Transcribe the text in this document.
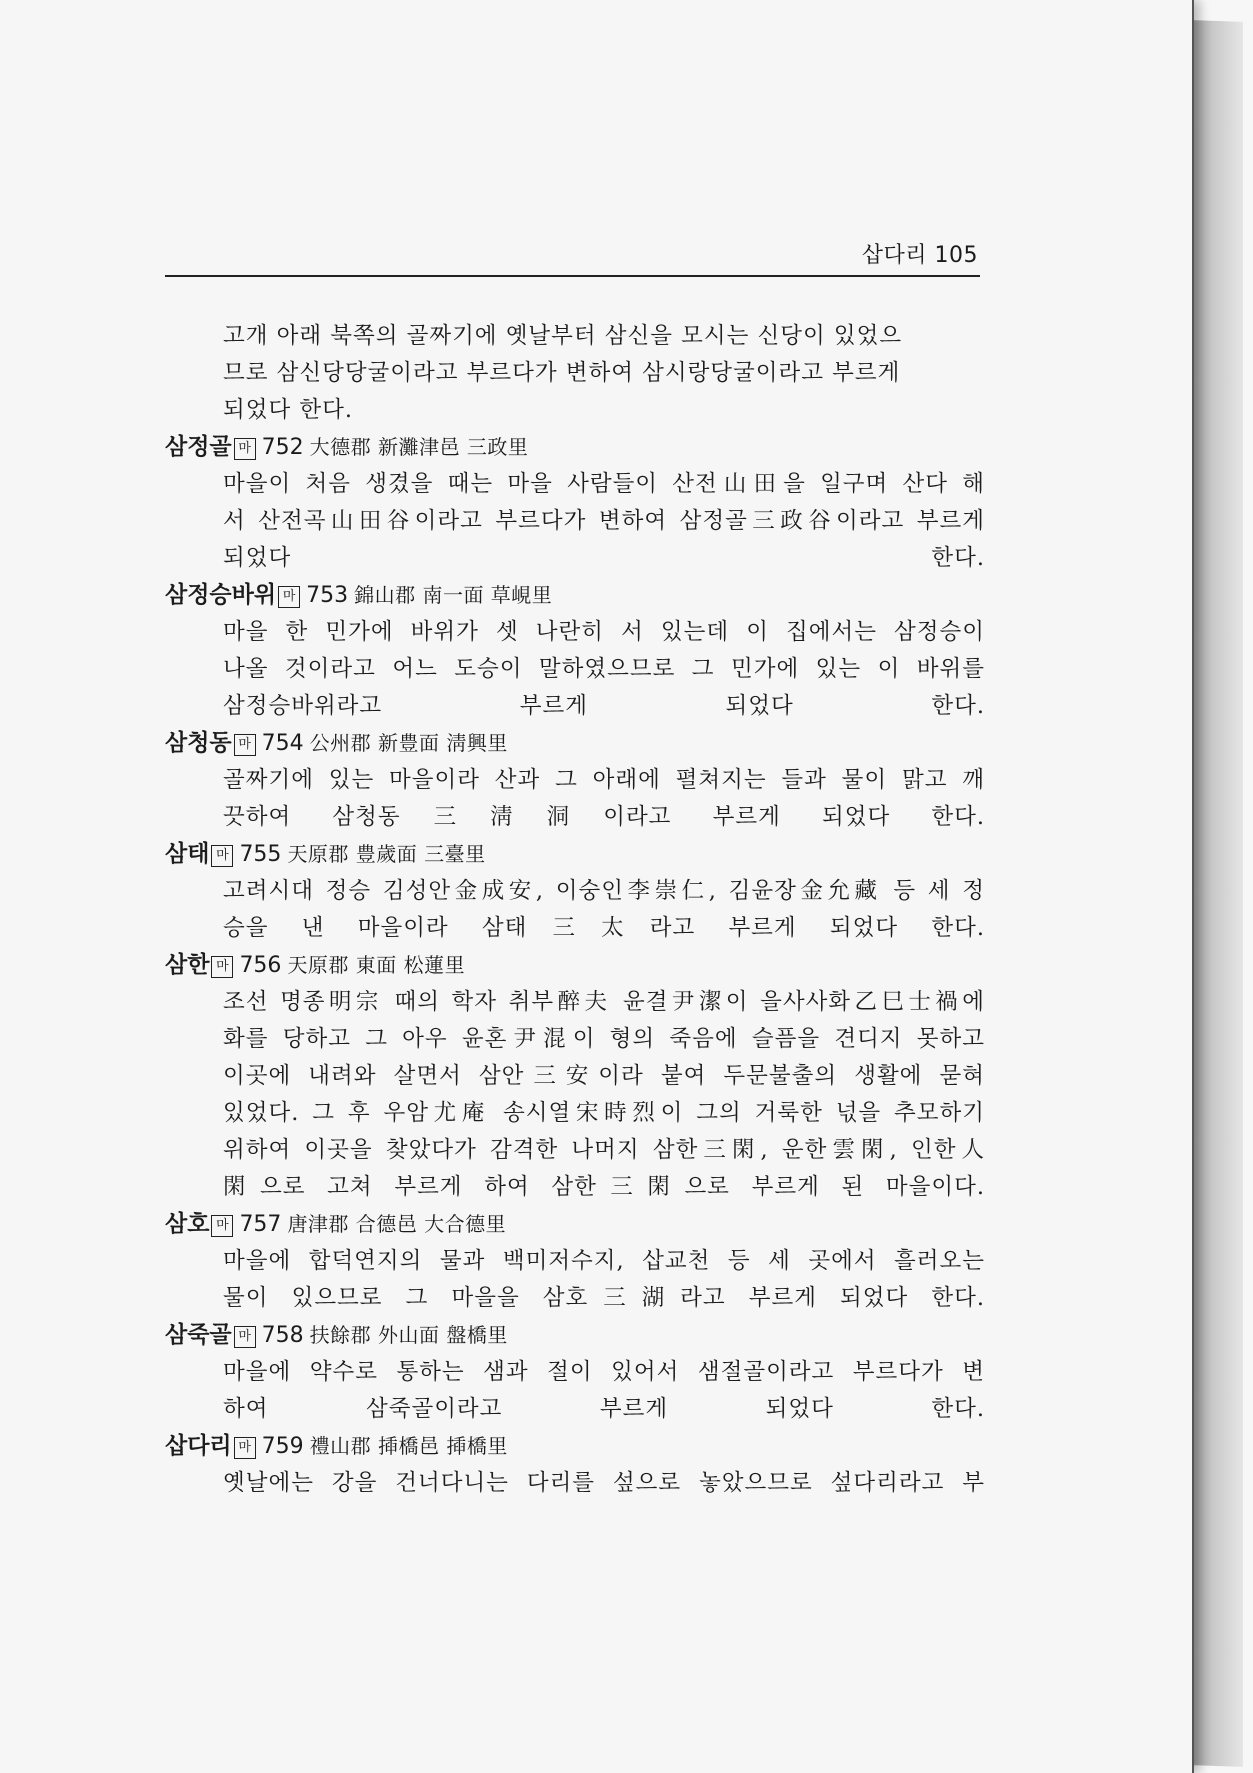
삽다리 105
고개 아래 북쪽의 골짜기에 옛날부터 삼신을 모시는 신당이 있었으
므로 삼신당당굴이라고 부르다가 변하여 삼시랑당굴이라고 부르게
되었다 한다.
삼정골 마 752 大德郡 新灘津邑 三政里
마을이 처음 생겼을 때는 마을 사람들이 산전山田을 일구며 산다 해
서 산전곡山田谷이라고 부르다가 변하여 삼정골三政谷이라고 부르게
되었다 한다.
삼정승바위 마 753 錦山郡 南一面 草峴里
마을 한 민가에 바위가 셋 나란히 서 있는데 이 집에서는 삼정승이
나올 것이라고 어느 도승이 말하였으므로 그 민가에 있는 이 바위를
삼정승바위라고 부르게 되었다 한다.
삼청동 마 754 公州郡 新豊面 淸興里
골짜기에 있는 마을이라 산과 그 아래에 펼쳐지는 들과 물이 맑고 깨
끗하여 삼청동三淸洞이라고 부르게 되었다 한다.
삼태 마 755 天原郡 豊歲面 三臺里
고려시대 정승 김성안金成安, 이숭인李崇仁, 김윤장金允藏 등 세 정
승을 낸 마을이라 삼태三太라고 부르게 되었다 한다.
삼한 마 756 天原郡 東面 松蓮里
조선 명종明宗 때의 학자 취부醉夫 윤결尹潔이 을사사화乙巳士禍에
화를 당하고 그 아우 윤혼尹混이 형의 죽음에 슬픔을 견디지 못하고
이곳에 내려와 살면서 삼안三安이라 붙여 두문불출의 생활에 묻혀
있었다. 그 후 우암尤庵 송시열宋時烈이 그의 거룩한 넋을 추모하기
위하여 이곳을 찾았다가 감격한 나머지 삼한三閑, 운한雲閑, 인한人
閑으로 고쳐 부르게 하여 삼한三閑으로 부르게 된 마을이다.
삼호 마 757 唐津郡 合德邑 大合德里
마을에 합덕연지의 물과 백미저수지, 삽교천 등 세 곳에서 흘러오는
물이 있으므로 그 마을을 삼호三湖라고 부르게 되었다 한다.
삼죽골 마 758 扶餘郡 外山面 盤橋里
마을에 약수로 통하는 샘과 절이 있어서 샘절골이라고 부르다가 변
하여 삼죽골이라고 부르게 되었다 한다.
삽다리 마 759 禮山郡 揷橋邑 揷橋里
옛날에는 강을 건너다니는 다리를 섶으로 놓았으므로 섶다리라고 부
